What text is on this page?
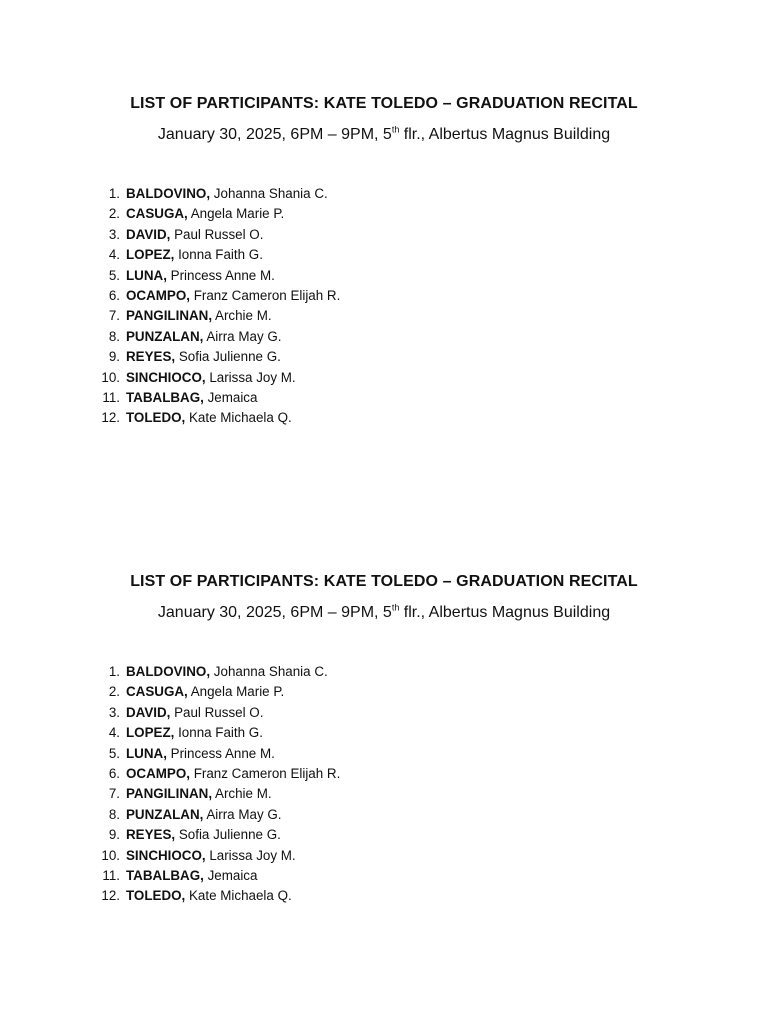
LIST OF PARTICIPANTS: KATE TOLEDO – GRADUATION RECITAL

January 30, 2025, 6PM – 9PM, 5th flr., Albertus Magnus Building

1. BALDOVINO, Johanna Shania C.
2. CASUGA, Angela Marie P.
3. DAVID, Paul Russel O.
4. LOPEZ, Ionna Faith G.
5. LUNA, Princess Anne M.
6. OCAMPO, Franz Cameron Elijah R.
7. PANGILINAN, Archie M.
8. PUNZALAN, Airra May G.
9. REYES, Sofia Julienne G.
10. SINCHIOCO, Larissa Joy M.
11. TABALBAG, Jemaica
12. TOLEDO, Kate Michaela Q.
LIST OF PARTICIPANTS: KATE TOLEDO – GRADUATION RECITAL

January 30, 2025, 6PM – 9PM, 5th flr., Albertus Magnus Building

1. BALDOVINO, Johanna Shania C.
2. CASUGA, Angela Marie P.
3. DAVID, Paul Russel O.
4. LOPEZ, Ionna Faith G.
5. LUNA, Princess Anne M.
6. OCAMPO, Franz Cameron Elijah R.
7. PANGILINAN, Archie M.
8. PUNZALAN, Airra May G.
9. REYES, Sofia Julienne G.
10. SINCHIOCO, Larissa Joy M.
11. TABALBAG, Jemaica
12. TOLEDO, Kate Michaela Q.
